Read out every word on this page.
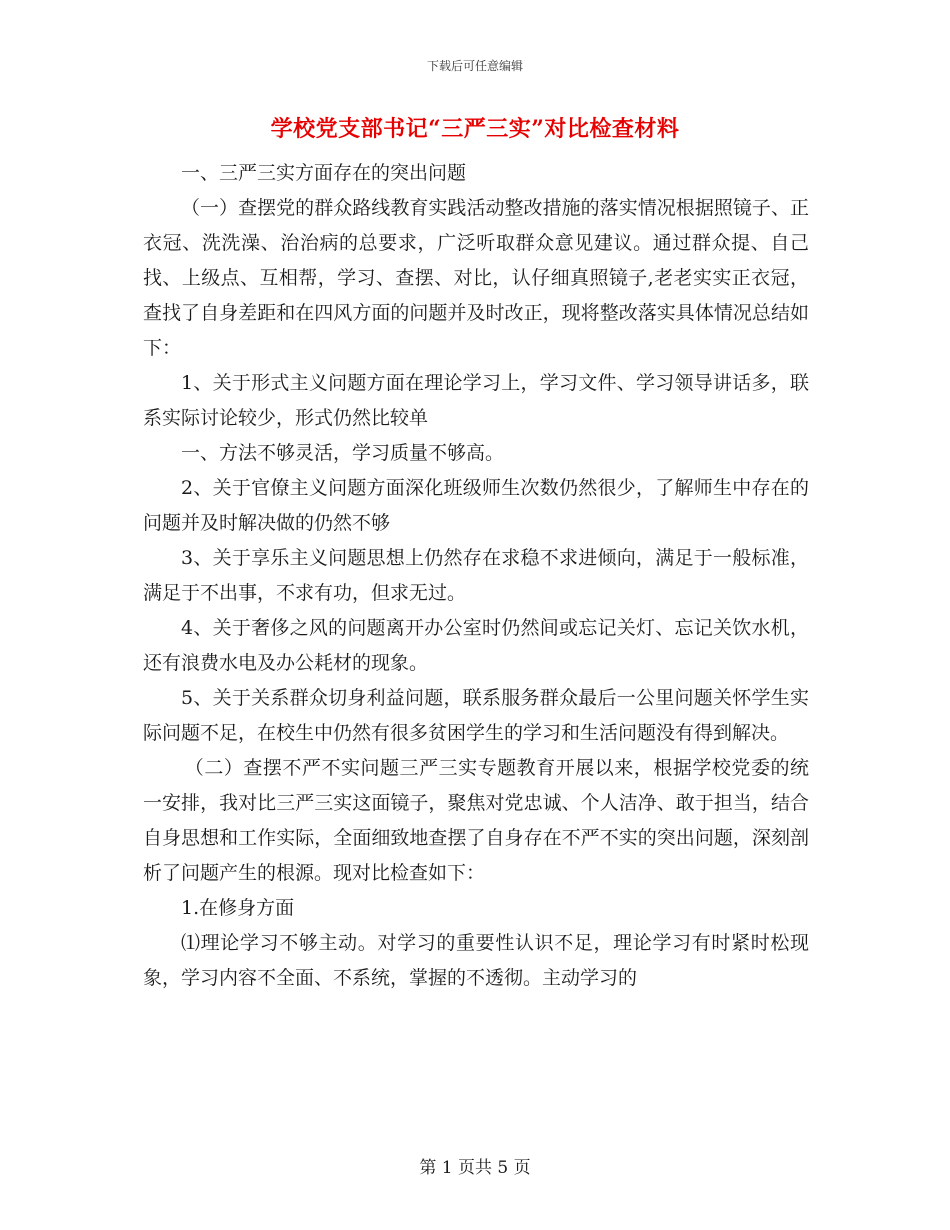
下载后可任意编辑
学校党支部书记“三严三实”对比检查材料

一、三严三实方面存在的突出问题

（一）查摆党的群众路线教育实践活动整改措施的落实情况根据照镜子、正衣冠、洗洗澡、治治病的总要求，广泛听取群众意见建议。通过群众提、自己找、上级点、互相帮，学习、查摆、对比，认仔细真照镜子,老老实实正衣冠，查找了自身差距和在四风方面的问题并及时改正，现将整改落实具体情况总结如下：

1、关于形式主义问题方面在理论学习上，学习文件、学习领导讲话多，联系实际讨论较少，形式仍然比较单

一、方法不够灵活，学习质量不够高。

2、关于官僚主义问题方面深化班级师生次数仍然很少，了解师生中存在的问题并及时解决做的仍然不够

3、关于享乐主义问题思想上仍然存在求稳不求进倾向，满足于一般标准，满足于不出事，不求有功，但求无过。

4、关于奢侈之风的问题离开办公室时仍然间或忘记关灯、忘记关饮水机，还有浪费水电及办公耗材的现象。

5、关于关系群众切身利益问题，联系服务群众最后一公里问题关怀学生实际问题不足，在校生中仍然有很多贫困学生的学习和生活问题没有得到解决。

（二）查摆不严不实问题三严三实专题教育开展以来，根据学校党委的统一安排，我对比三严三实这面镜子，聚焦对党忠诚、个人洁净、敢于担当，结合自身思想和工作实际，全面细致地查摆了自身存在不严不实的突出问题，深刻剖析了问题产生的根源。现对比检查如下：

1.在修身方面

⑴理论学习不够主动。对学习的重要性认识不足，理论学习有时紧时松现象，学习内容不全面、不系统，掌握的不透彻。主动学习的

第 1 页共 5 页
